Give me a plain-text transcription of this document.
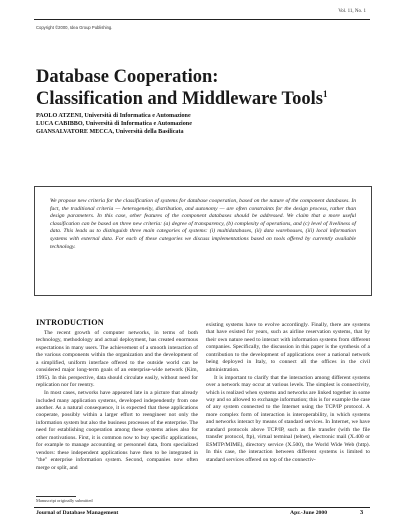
Copyright ©2000, Idea Group Publishing.
Vol. 11, No. 1
Database Cooperation:
Classification and Middleware Tools$^1$
PAOLO ATZENI, Università di Informatica e Automazione
LUCA CABIBBO, Università di Informatica e Automazione
GIANSALVATORE MECCA, Università della Basilicata
We propose new criteria for the classification of systems for database cooperation, based on the nature of the component databases. In fact, the traditional criteria — heterogeneity, distribution, and autonomy — are often constraints for the design process, rather than design parameters. In this case, other features of the component databases should be addressed. We claim that a more useful classification can be based on three new criteria: (a) degree of transparency, (b) complexity of operations, and (c) level of liveliness of data. This leads us to distinguish three main categories of systems: (i) multidatabases, (ii) data warehouses, (iii) local information systems with external data. For each of these categories we discuss implementations based on tools offered by currently available technology.
INTRODUCTION

The recent growth of computer networks, in terms of both technology, methodology and actual deployment, has created enormous expectations in many users. The achievement of a smooth interaction of the various components within the organization and the development of a simplified, uniform interface offered to the outside world can be considered major long-term goals of an enterprise-wide network (Kim, 1995). In this perspective, data should circulate easily, without need for replication nor for reentry.

In most cases, networks have appeared late in a picture that already included many application systems, developed independently from one another. As a natural consequence, it is expected that these applications cooperate, possibly within a larger effort to reengineer not only the information system but also the business processes of the enterprise. The need for establishing cooperation among these systems arises also for other motivations. First, it is common now to buy specific applications, for example to manage accounting or personnel data, from specialized vendors: these independent applications have then to be integrated in "the" enterprise information system. Second, companies now often merge or split, and

existing systems have to evolve accordingly. Finally, there are systems that have existed for years, such as airline reservation systems, that by their own nature need to interact with information systems from different companies. Specifically, the discussion in this paper is the synthesis of a contribution to the development of applications over a national network being deployed in Italy, to connect all the offices in the civil administration.

It is important to clarify that the interaction among different systems over a network may occur at various levels. The simplest is connectivity, which is realized when systems and networks are linked together in some way and so allowed to exchange information; this is for example the case of any system connected to the Internet using the TCP/IP protocol. A more complex form of interaction is interoperability, in which systems and networks interact by means of standard services. In Internet, we have standard protocols above TCP/IP, such as file transfer (with the file transfer protocol, ftp), virtual terminal (telnet), electronic mail (X.400 or ESMTP/MIME), directory service (X.500), the World Wide Web (http). In this case, the interaction between different systems is limited to standard services offered on top of the connectiv-

Manuscript originally submitted
Journal of Database Management	Apr.-June 2000	3
